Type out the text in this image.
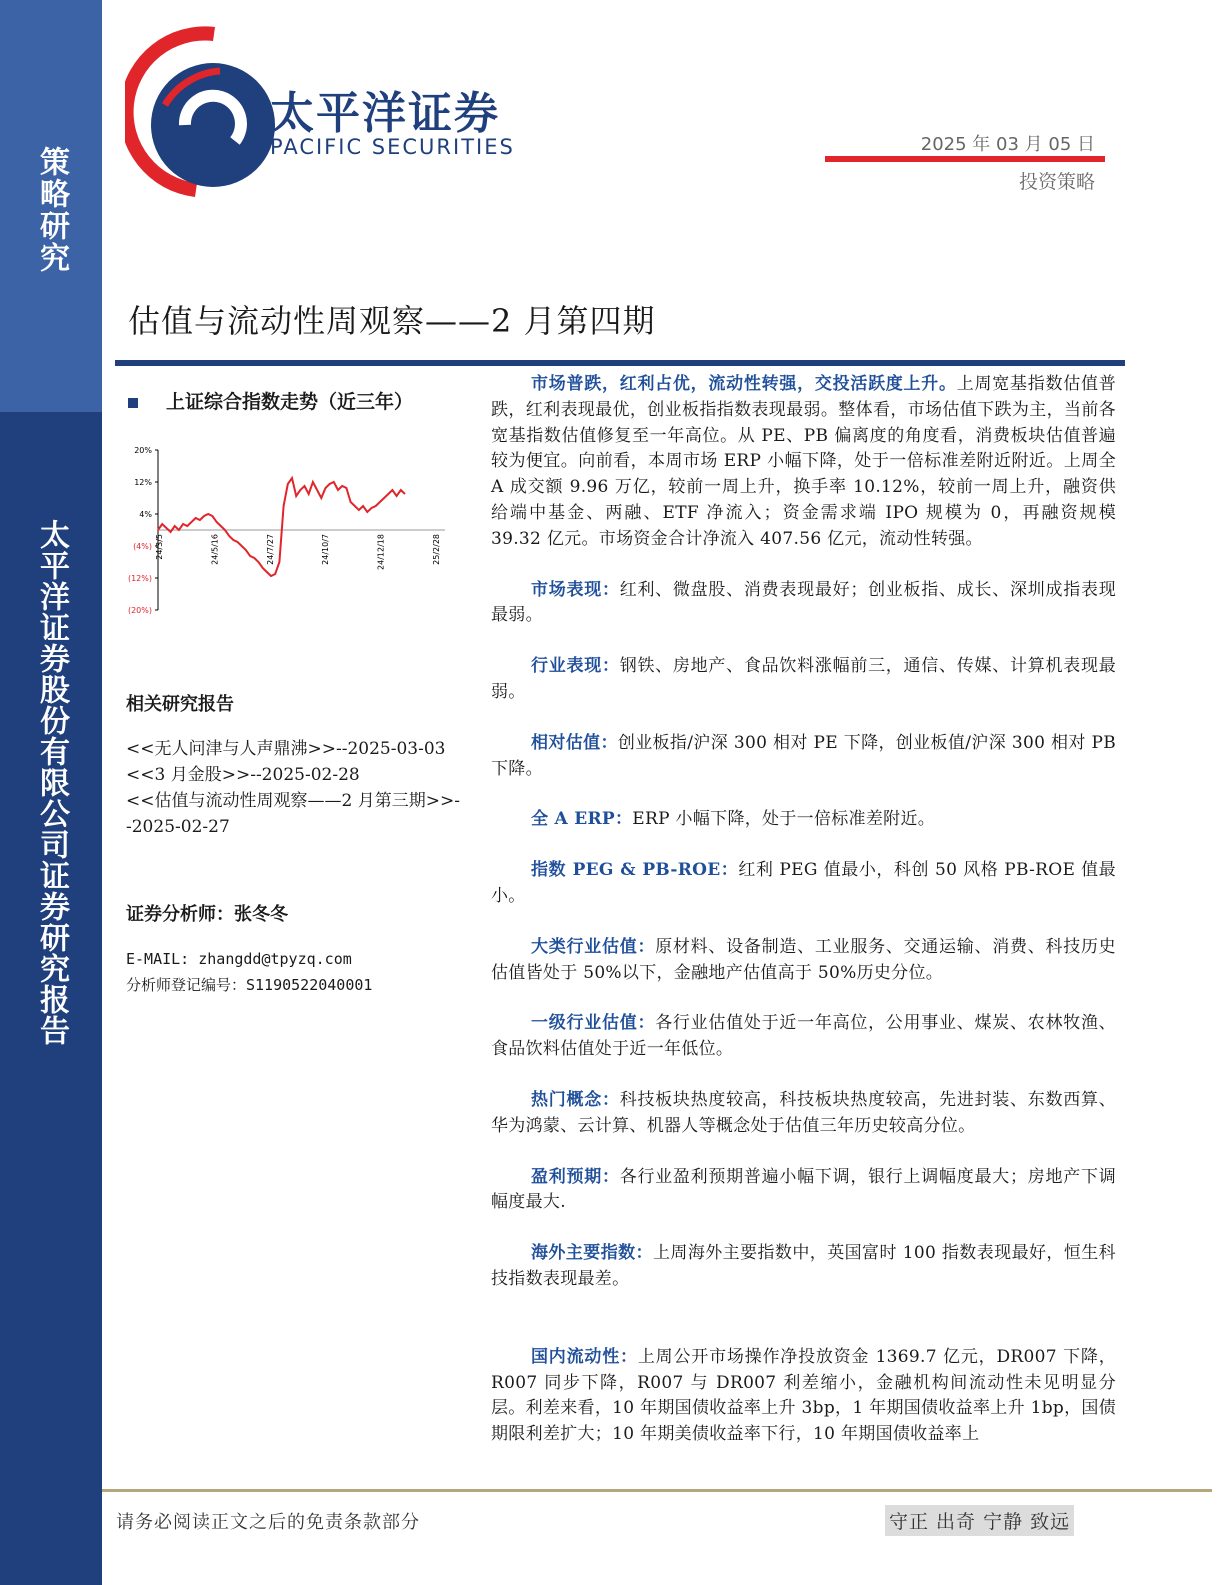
策略研究
太平洋证券股份有限公司证券研究报告
太平洋证券
PACIFIC SECURITIES	2025 年 03 月 05 日
投资策略
估值与流动性周观察——2 月第四期
上证综合指数走势（近三年）
20%
12%
4%
(4%)
(12%)
(20%)
24/3/5	24/5/16	24/7/27	24/10/7	24/12/18	25/2/28
相关研究报告
<<无人问津与人声鼎沸>>--2025-03-03
<<3 月金股>>--2025-02-28
<<估值与流动性周观察——2 月第三期>>--2025-02-27
证券分析师：张冬冬
E-MAIL: zhangdd@tpyzq.com
分析师登记编号：S1190522040001

市场普跌，红利占优，流动性转强，交投活跃度上升。上周宽基指数估值普跌，红利表现最优，创业板指指数表现最弱。整体看，市场估值下跌为主，当前各宽基指数估值修复至一年高位。从 PE、PB 偏离度的角度看，消费板块估值普遍较为便宜。向前看，本周市场 ERP 小幅下降，处于一倍标准差附近附近。上周全 A 成交额 9.96 万亿，较前一周上升，换手率 10.12%，较前一周上升，融资供给端中基金、两融、ETF 净流入；资金需求端 IPO 规模为 0，再融资规模 39.32 亿元。市场资金合计净流入 407.56 亿元，流动性转强。

市场表现：红利、微盘股、消费表现最好；创业板指、成长、深圳成指表现最弱。

行业表现：钢铁、房地产、食品饮料涨幅前三，通信、传媒、计算机表现最弱。

相对估值：创业板指/沪深 300 相对 PE 下降，创业板值/沪深 300 相对 PB 下降。

全 A ERP：ERP 小幅下降，处于一倍标准差附近。

指数 PEG & PB-ROE：红利 PEG 值最小，科创 50 风格 PB-ROE 值最小。

大类行业估值：原材料、设备制造、工业服务、交通运输、消费、科技历史估值皆处于 50%以下，金融地产估值高于 50%历史分位。

一级行业估值：各行业估值处于近一年高位，公用事业、煤炭、农林牧渔、食品饮料估值处于近一年低位。

热门概念：科技板块热度较高，科技板块热度较高，先进封装、东数西算、华为鸿蒙、云计算、机器人等概念处于估值三年历史较高分位。

盈利预期：各行业盈利预期普遍小幅下调，银行上调幅度最大；房地产下调幅度最大.

海外主要指数：上周海外主要指数中，英国富时 100 指数表现最好，恒生科技指数表现最差。

国内流动性：上周公开市场操作净投放资金 1369.7 亿元，DR007 下降，R007 同步下降，R007 与 DR007 利差缩小，金融机构间流动性未见明显分层。利差来看，10 年期国债收益率上升 3bp，1 年期国债收益率上升 1bp，国债期限利差扩大；10 年期美债收益率下行，10 年期国债收益率上

请务必阅读正文之后的免责条款部分	守正 出奇 宁静 致远
